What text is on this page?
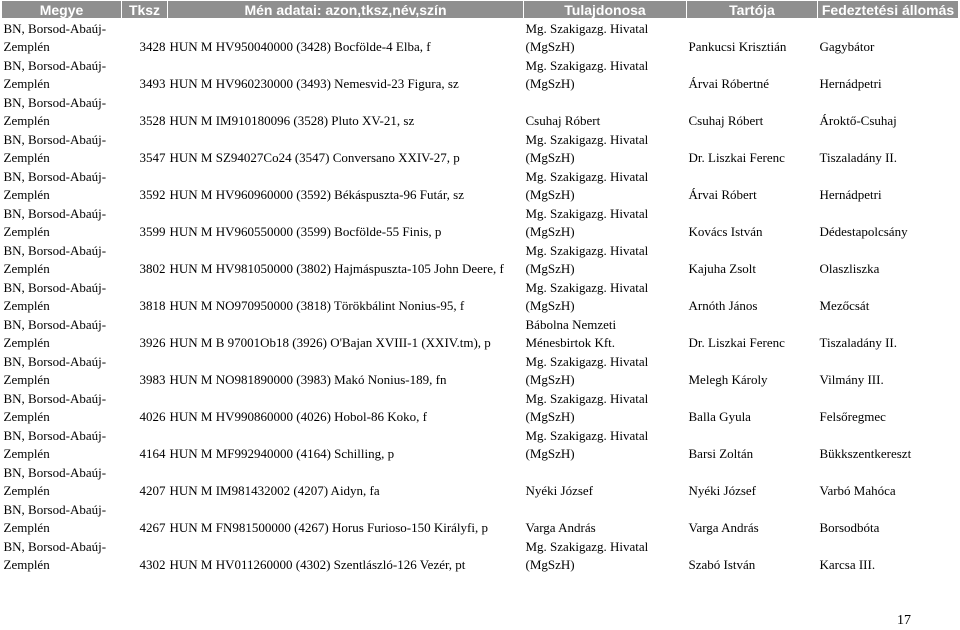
Megye	Tksz	Mén adatai: azon,tksz,név,szín	Tulajdonosa	Tartója	Fedeztetési állomás
BN, Borsod-Abaúj-Zemplén	3428	HUN M HV950040000 (3428) Bocfölde-4 Elba, f	Mg. Szakigazg. Hivatal (MgSzH)	Pankucsi Krisztián	Gagybátor
BN, Borsod-Abaúj-Zemplén	3493	HUN M HV960230000 (3493) Nemesvid-23 Figura, sz	Mg. Szakigazg. Hivatal (MgSzH)	Árvai Róbertné	Hernádpetri
BN, Borsod-Abaúj-Zemplén	3528	HUN M IM910180096 (3528) Pluto XV-21, sz	Csuhaj Róbert	Csuhaj Róbert	Ároktő-Csuhaj
BN, Borsod-Abaúj-Zemplén	3547	HUN M SZ94027Co24 (3547) Conversano XXIV-27, p	Mg. Szakigazg. Hivatal (MgSzH)	Dr. Liszkai Ferenc	Tiszaladány II.
BN, Borsod-Abaúj-Zemplén	3592	HUN M HV960960000 (3592) Békáspuszta-96 Futár, sz	Mg. Szakigazg. Hivatal (MgSzH)	Árvai Róbert	Hernádpetri
BN, Borsod-Abaúj-Zemplén	3599	HUN M HV960550000 (3599) Bocfölde-55 Finis, p	Mg. Szakigazg. Hivatal (MgSzH)	Kovács István	Dédestapolcsány
BN, Borsod-Abaúj-Zemplén	3802	HUN M HV981050000 (3802) Hajmáspuszta-105 John Deere, f	Mg. Szakigazg. Hivatal (MgSzH)	Kajuha Zsolt	Olaszliszka
BN, Borsod-Abaúj-Zemplén	3818	HUN M NO970950000 (3818) Törökbálint Nonius-95, f	Mg. Szakigazg. Hivatal (MgSzH)	Arnóth János	Mezőcsát
BN, Borsod-Abaúj-Zemplén	3926	HUN M B 97001Ob18 (3926) O'Bajan XVIII-1 (XXIV.tm), p	Bábolna Nemzeti Ménesbirtok Kft.	Dr. Liszkai Ferenc	Tiszaladány II.
BN, Borsod-Abaúj-Zemplén	3983	HUN M NO981890000 (3983) Makó Nonius-189, fn	Mg. Szakigazg. Hivatal (MgSzH)	Melegh Károly	Vilmány III.
BN, Borsod-Abaúj-Zemplén	4026	HUN M HV990860000 (4026) Hobol-86 Koko, f	Mg. Szakigazg. Hivatal (MgSzH)	Balla Gyula	Felsőregmec
BN, Borsod-Abaúj-Zemplén	4164	HUN M MF992940000 (4164) Schilling, p	Mg. Szakigazg. Hivatal (MgSzH)	Barsi Zoltán	Bükkszentkereszt
BN, Borsod-Abaúj-Zemplén	4207	HUN M IM981432002 (4207) Aidyn, fa	Nyéki József	Nyéki József	Varbó Mahóca
BN, Borsod-Abaúj-Zemplén	4267	HUN M FN981500000 (4267) Horus Furioso-150 Királyfi, p	Varga András	Varga András	Borsodbóta
BN, Borsod-Abaúj-Zemplén	4302	HUN M HV011260000 (4302) Szentlászló-126 Vezér, pt	Mg. Szakigazg. Hivatal (MgSzH)	Szabó István	Karcsa III.
17
